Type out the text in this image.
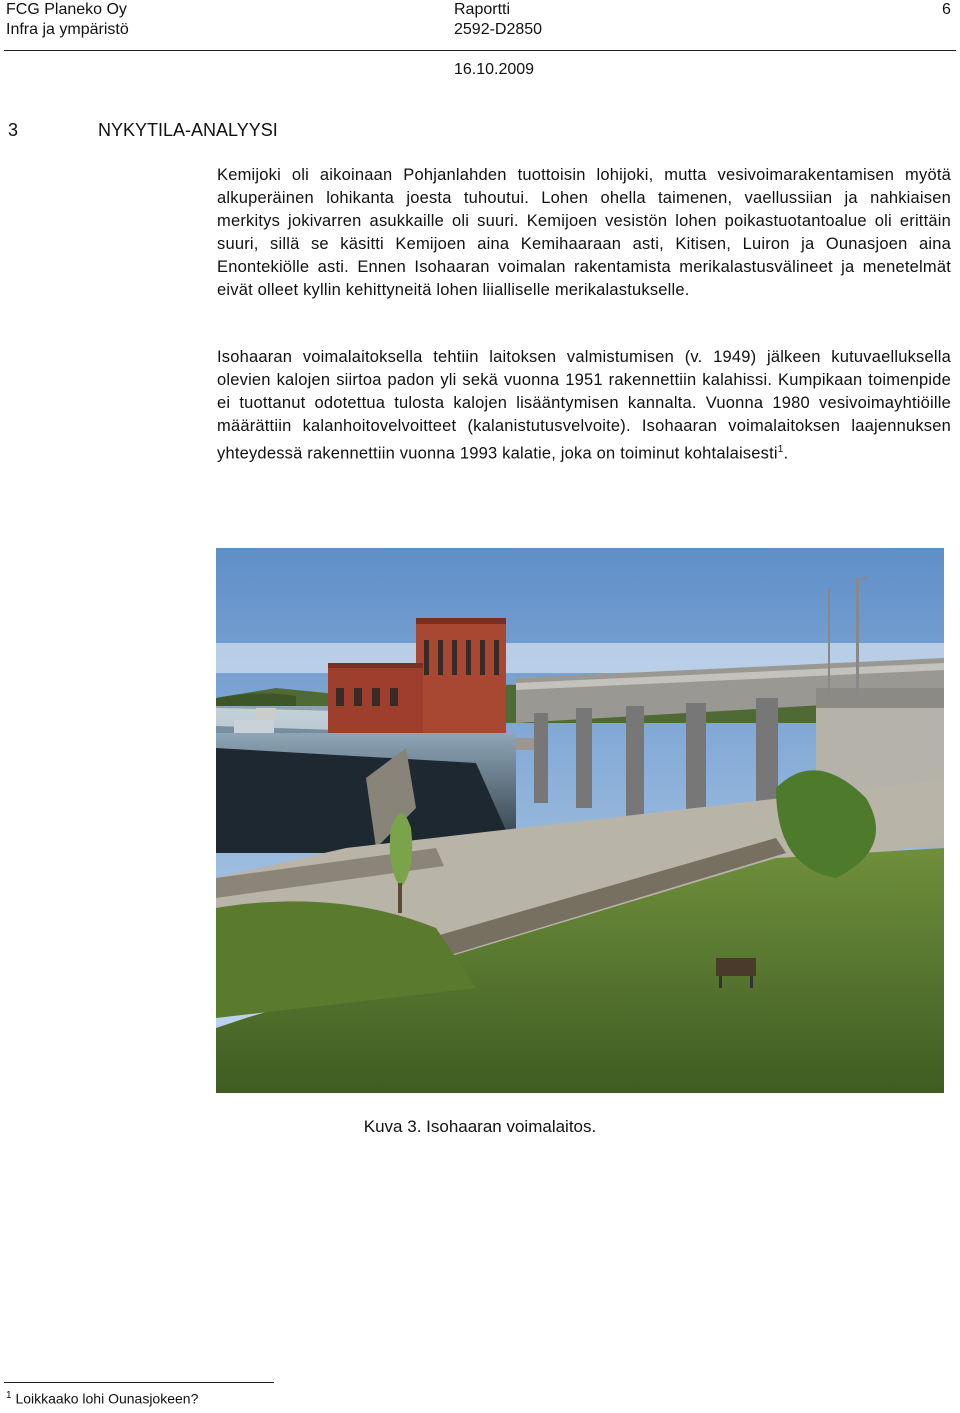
FCG Planeko Oy
Infra ja ympäristö
Raportti
2592-D2850
6
16.10.2009
3	NYKYTILA-ANALYYSI

Kemijoki oli aikoinaan Pohjanlahden tuottoisin lohijoki, mutta vesivoimarakentamisen myötä alkuperäinen lohikanta joesta tuhoutui. Lohen ohella taimenen, vaellussiian ja nahkiaisen merkitys jokivarren asukkaille oli suuri. Kemijoen vesistön lohen poikastuotantoalue oli erittäin suuri, sillä se käsitti Kemijoen aina Kemihaaraan asti, Kitisen, Luiron ja Ounasjoen aina Enontekiölle asti. Ennen Isohaaran voimalan rakentamista merikalastusvälineet ja menetelmät eivät olleet kyllin kehittyneitä lohen liialliselle merikalastukselle.

Isohaaran voimalaitoksella tehtiin laitoksen valmistumisen (v. 1949) jälkeen kutuvaelluksella olevien kalojen siirtoa padon yli sekä vuonna 1951 rakennettiin kalahissi. Kumpikaan toimenpide ei tuottanut odotettua tulosta kalojen lisääntymisen kannalta. Vuonna 1980 vesivoimayhtiöille määrättiin kalanhoitovelvoitteet (kalanistutusvelvoite). Isohaaran voimalaitoksen laajennuksen yhteydessä rakennettiin vuonna 1993 kalatie, joka on toiminut kohtalaisesti$^1$.

Kuva 3. Isohaaran voimalaitos.
$^1$ Loikkaako lohi Ounasjokeen?
